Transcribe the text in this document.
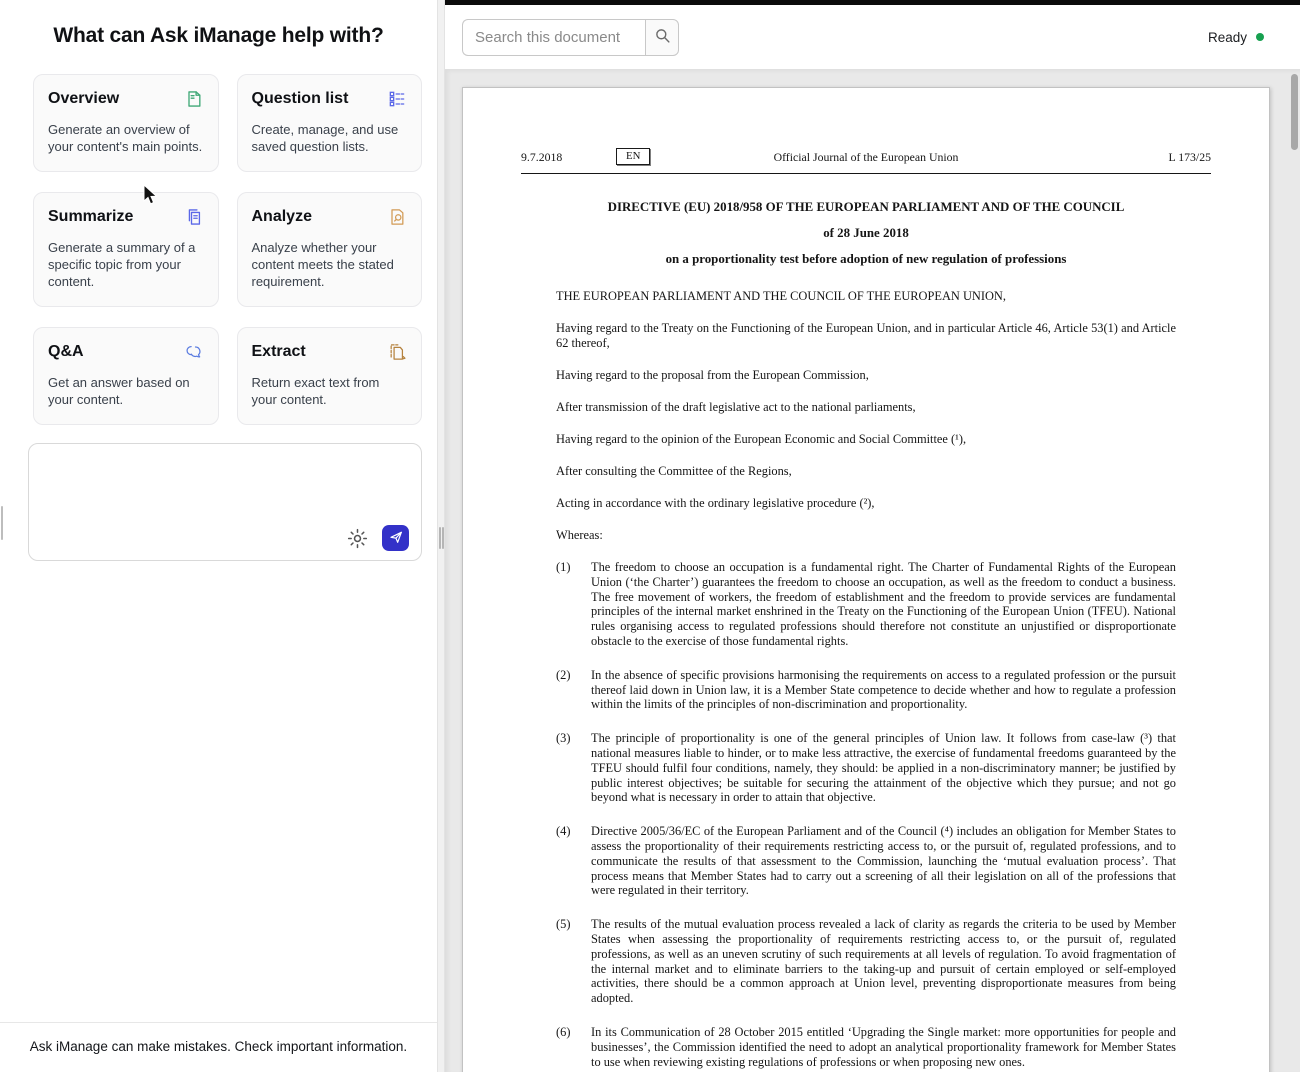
What can Ask iManage help with?
Overview

Generate an overview of your content's main points.

Question list

Create, manage, and use saved question lists.

Summarize

Generate a summary of a specific topic from your content.

Analyze

Analyze whether your content meets the stated requirement.

Q&A

Get an answer based on your content.

Extract

Return exact text from your content.

Ask iManage can make mistakes. Check important information.
Search this document
Ready
9.7.2018	EN	Official Journal of the European Union	L 173/25

DIRECTIVE (EU) 2018/958 OF THE EUROPEAN PARLIAMENT AND OF THE COUNCIL

of 28 June 2018

on a proportionality test before adoption of new regulation of professions

THE EUROPEAN PARLIAMENT AND THE COUNCIL OF THE EUROPEAN UNION,

Having regard to the Treaty on the Functioning of the European Union, and in particular Article 46, Article 53(1) and Article 62 thereof,

Having regard to the proposal from the European Commission,

After transmission of the draft legislative act to the national parliaments,

Having regard to the opinion of the European Economic and Social Committee (¹),

After consulting the Committee of the Regions,

Acting in accordance with the ordinary legislative procedure (²),

Whereas:

(1)	The freedom to choose an occupation is a fundamental right. The Charter of Fundamental Rights of the European Union (‘the Charter’) guarantees the freedom to choose an occupation, as well as the freedom to conduct a business. The free movement of workers, the freedom of establishment and the freedom to provide services are fundamental principles of the internal market enshrined in the Treaty on the Functioning of the European Union (TFEU). National rules organising access to regulated professions should therefore not constitute an unjustified or disproportionate obstacle to the exercise of those fundamental rights.

(2)	In the absence of specific provisions harmonising the requirements on access to a regulated profession or the pursuit thereof laid down in Union law, it is a Member State competence to decide whether and how to regulate a profession within the limits of the principles of non-discrimination and proportionality.

(3)	The principle of proportionality is one of the general principles of Union law. It follows from case-law (³) that national measures liable to hinder, or to make less attractive, the exercise of fundamental freedoms guaranteed by the TFEU should fulfil four conditions, namely, they should: be applied in a non-discriminatory manner; be justified by public interest objectives; be suitable for securing the attainment of the objective which they pursue; and not go beyond what is necessary in order to attain that objective.

(4)	Directive 2005/36/EC of the European Parliament and of the Council (⁴) includes an obligation for Member States to assess the proportionality of their requirements restricting access to, or the pursuit of, regulated professions, and to communicate the results of that assessment to the Commission, launching the ‘mutual evaluation process’. That process means that Member States had to carry out a screening of all their legislation on all of the professions that were regulated in their territory.

(5)	The results of the mutual evaluation process revealed a lack of clarity as regards the criteria to be used by Member States when assessing the proportionality of requirements restricting access to, or the pursuit of, regulated professions, as well as an uneven scrutiny of such requirements at all levels of regulation. To avoid fragmentation of the internal market and to eliminate barriers to the taking-up and pursuit of certain employed or self-employed activities, there should be a common approach at Union level, preventing disproportionate measures from being adopted.

(6)	In its Communication of 28 October 2015 entitled ‘Upgrading the Single market: more opportunities for people and businesses’, the Commission identified the need to adopt an analytical proportionality framework for Member States to use when reviewing existing regulations of professions or when proposing new ones.
